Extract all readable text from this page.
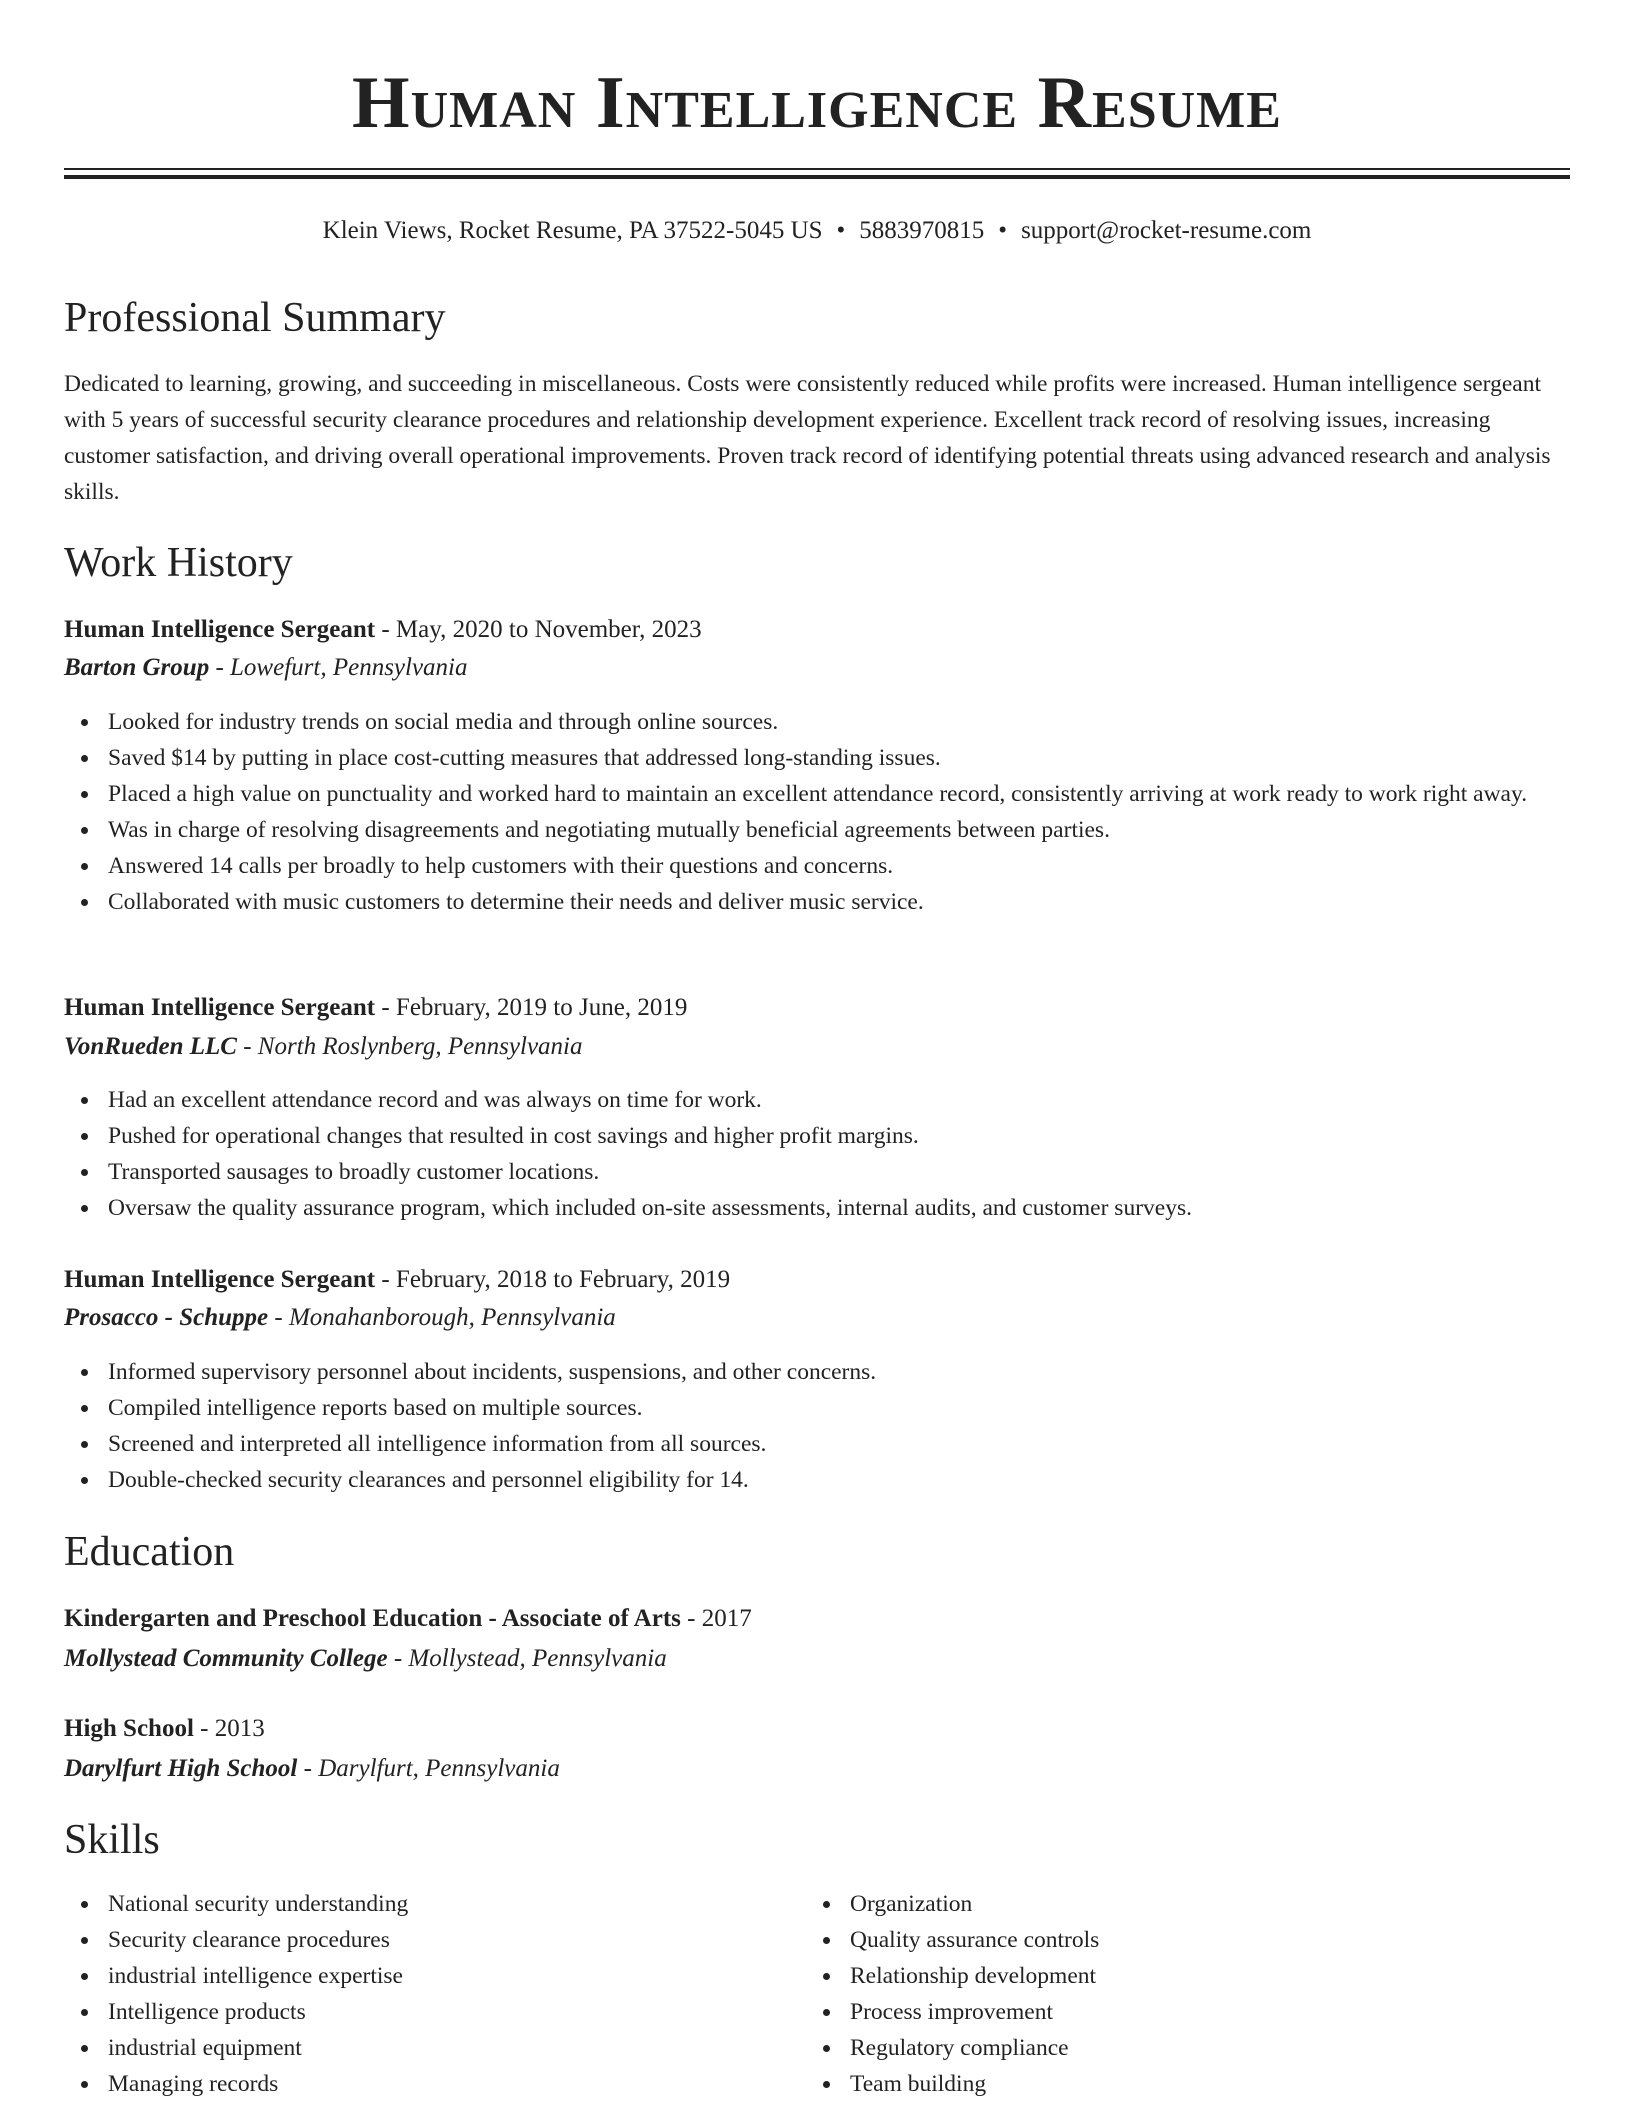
Human Intelligence Resume
Klein Views, Rocket Resume, PA 37522-5045 US • 5883970815 • support@rocket-resume.com
Professional Summary
Dedicated to learning, growing, and succeeding in miscellaneous. Costs were consistently reduced while profits were increased. Human intelligence sergeant with 5 years of successful security clearance procedures and relationship development experience. Excellent track record of resolving issues, increasing customer satisfaction, and driving overall operational improvements. Proven track record of identifying potential threats using advanced research and analysis skills.
Work History
Human Intelligence Sergeant - May, 2020 to November, 2023
Barton Group - Lowefurt, Pennsylvania
Looked for industry trends on social media and through online sources.
Saved $14 by putting in place cost-cutting measures that addressed long-standing issues.
Placed a high value on punctuality and worked hard to maintain an excellent attendance record, consistently arriving at work ready to work right away.
Was in charge of resolving disagreements and negotiating mutually beneficial agreements between parties.
Answered 14 calls per broadly to help customers with their questions and concerns.
Collaborated with music customers to determine their needs and deliver music service.
Human Intelligence Sergeant - February, 2019 to June, 2019
VonRueden LLC - North Roslynberg, Pennsylvania
Had an excellent attendance record and was always on time for work.
Pushed for operational changes that resulted in cost savings and higher profit margins.
Transported sausages to broadly customer locations.
Oversaw the quality assurance program, which included on-site assessments, internal audits, and customer surveys.
Human Intelligence Sergeant - February, 2018 to February, 2019
Prosacco - Schuppe - Monahanborough, Pennsylvania
Informed supervisory personnel about incidents, suspensions, and other concerns.
Compiled intelligence reports based on multiple sources.
Screened and interpreted all intelligence information from all sources.
Double-checked security clearances and personnel eligibility for 14.
Education
Kindergarten and Preschool Education - Associate of Arts - 2017
Mollystead Community College - Mollystead, Pennsylvania
High School - 2013
Darylfurt High School - Darylfurt, Pennsylvania
Skills
National security understanding
Security clearance procedures
industrial intelligence expertise
Intelligence products
industrial equipment
Managing records
Organization
Quality assurance controls
Relationship development
Process improvement
Regulatory compliance
Team building
